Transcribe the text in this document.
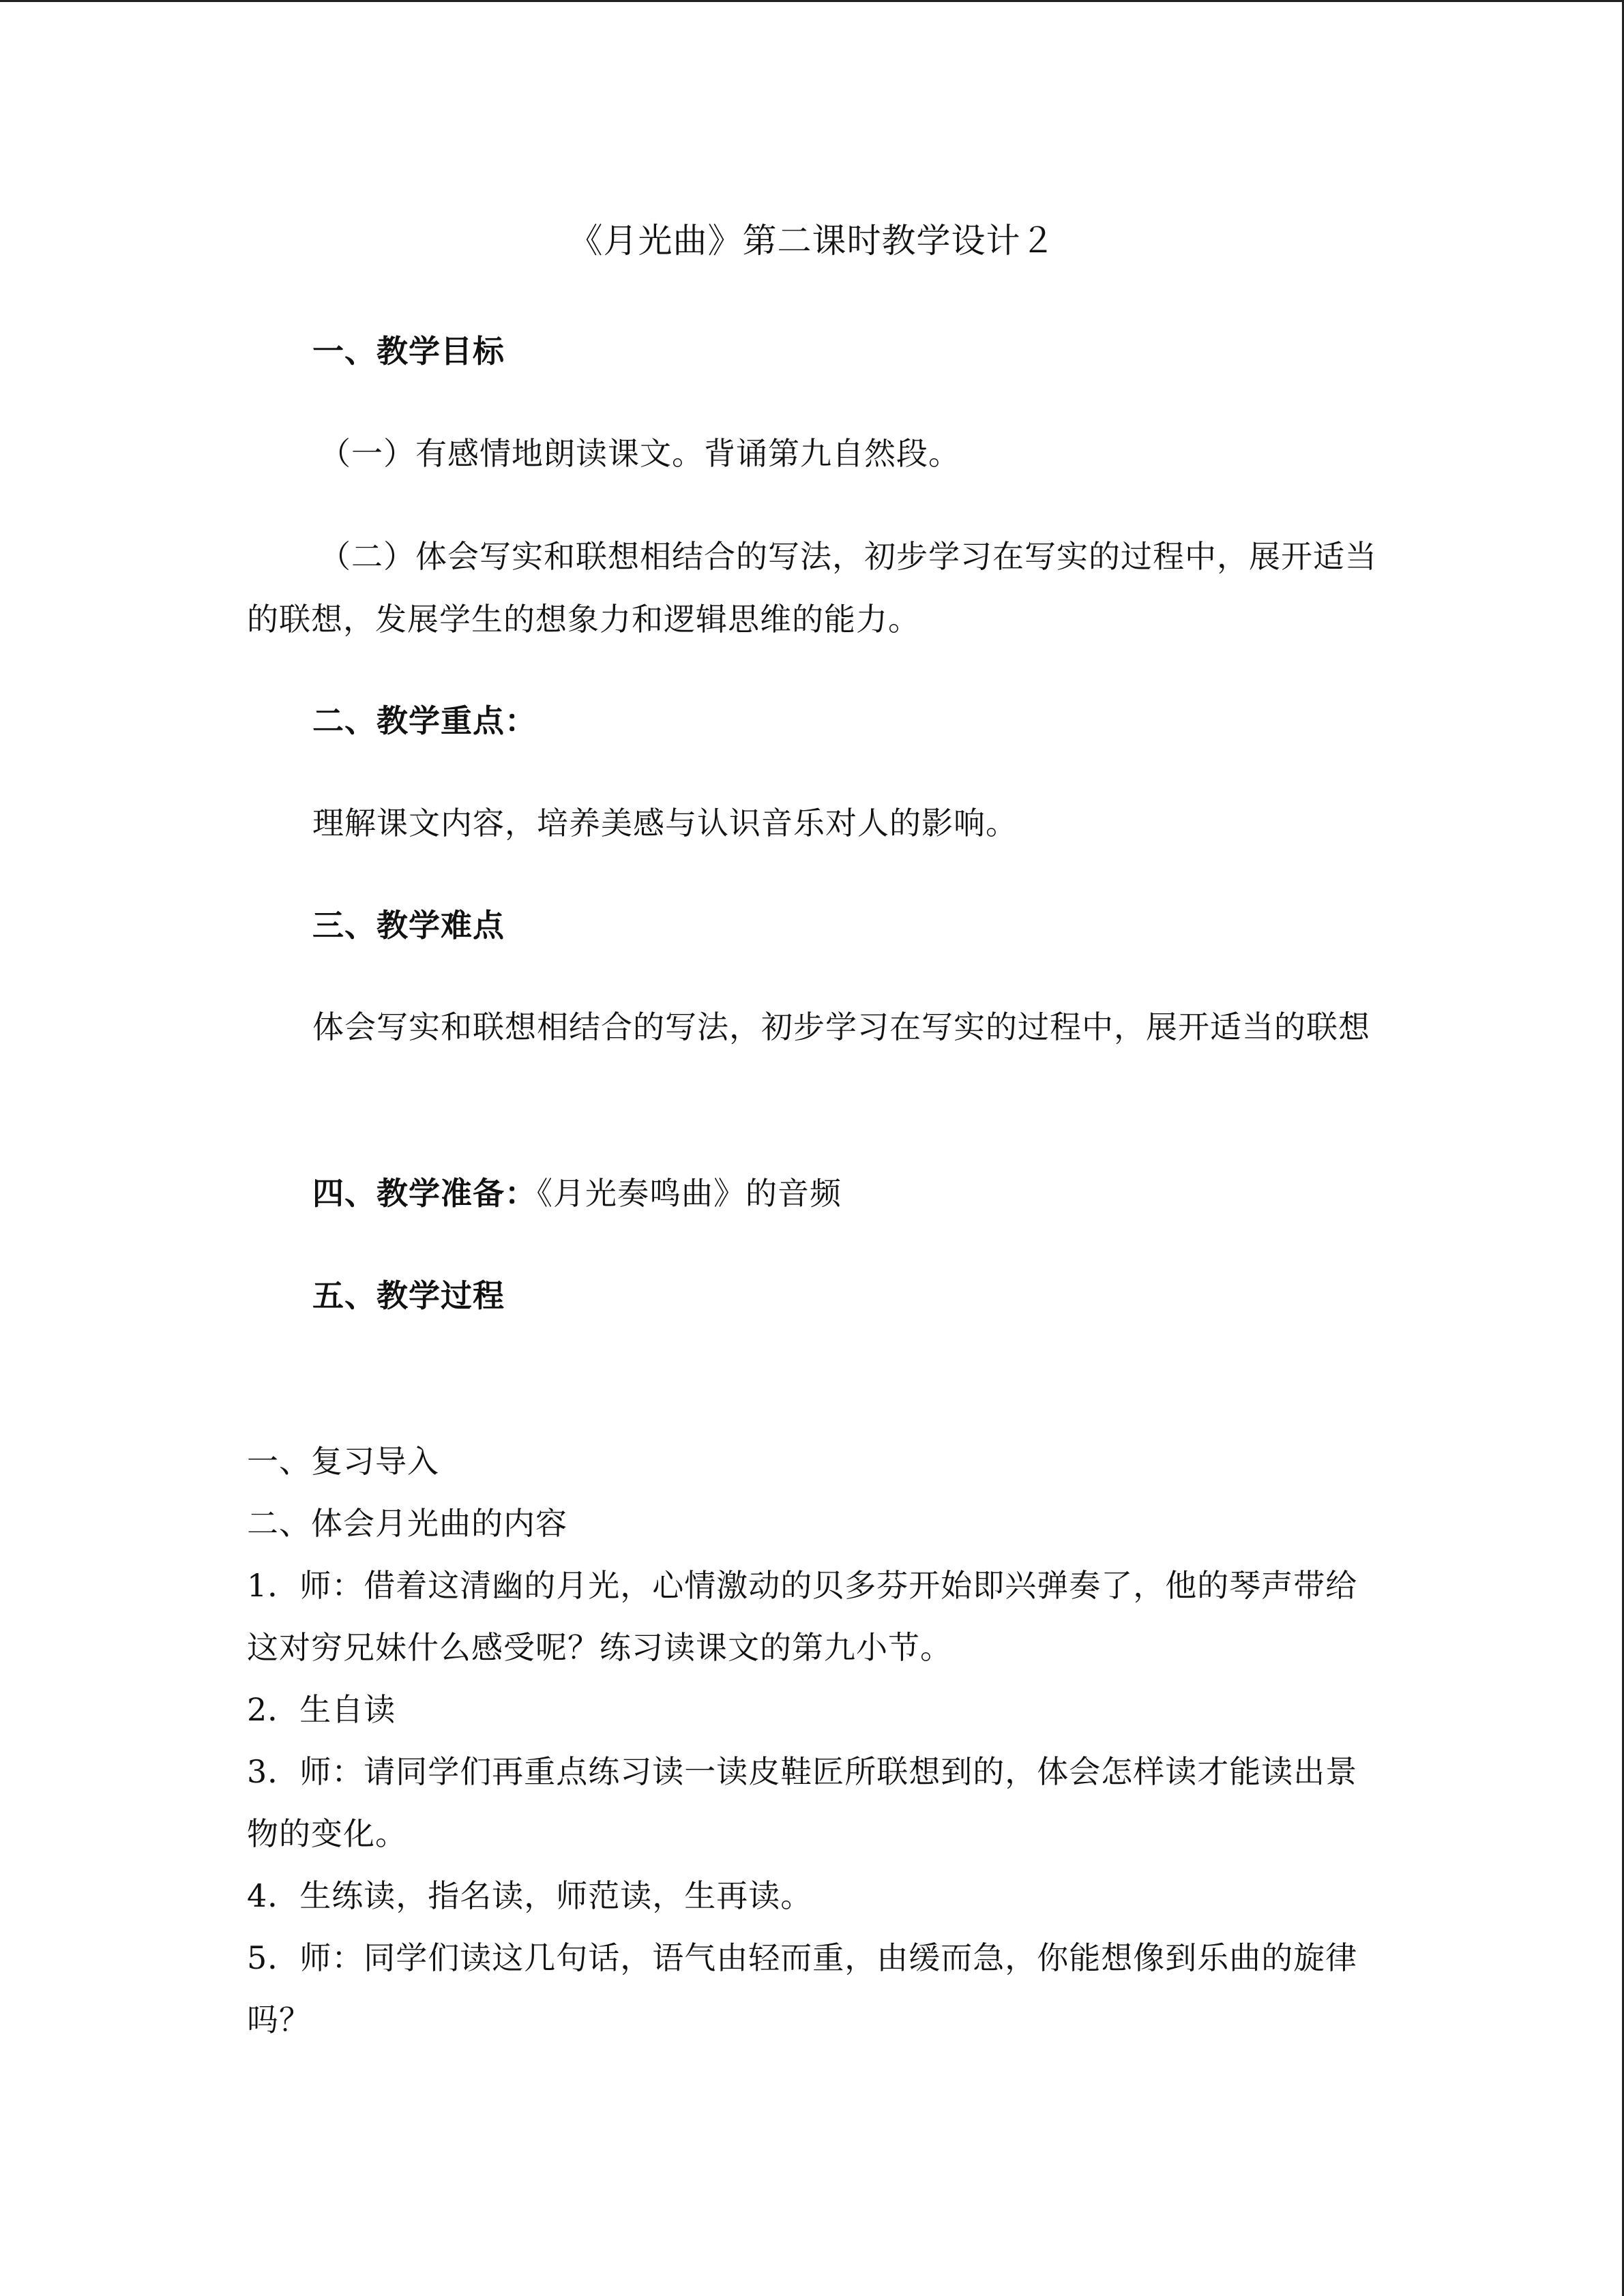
《月光曲》第二课时教学设计２
一、教学目标
（一）有感情地朗读课文。背诵第九自然段。
（二）体会写实和联想相结合的写法，初步学习在写实的过程中，展开适当的联想，发展学生的想象力和逻辑思维的能力。
二、教学重点：
理解课文内容，培养美感与认识音乐对人的影响。
三、教学难点
体会写实和联想相结合的写法，初步学习在写实的过程中，展开适当的联想
四、教学准备：《月光奏鸣曲》的音频
五、教学过程

一、复习导入

二、体会月光曲的内容

1．师：借着这清幽的月光，心情激动的贝多芬开始即兴弹奏了，他的琴声带给这对穷兄妹什么感受呢？练习读课文的第九小节。

2．生自读

3．师：请同学们再重点练习读一读皮鞋匠所联想到的，体会怎样读才能读出景物的变化。

4．生练读，指名读，师范读，生再读。

5．师：同学们读这几句话，语气由轻而重，由缓而急，你能想像到乐曲的旋律吗？
